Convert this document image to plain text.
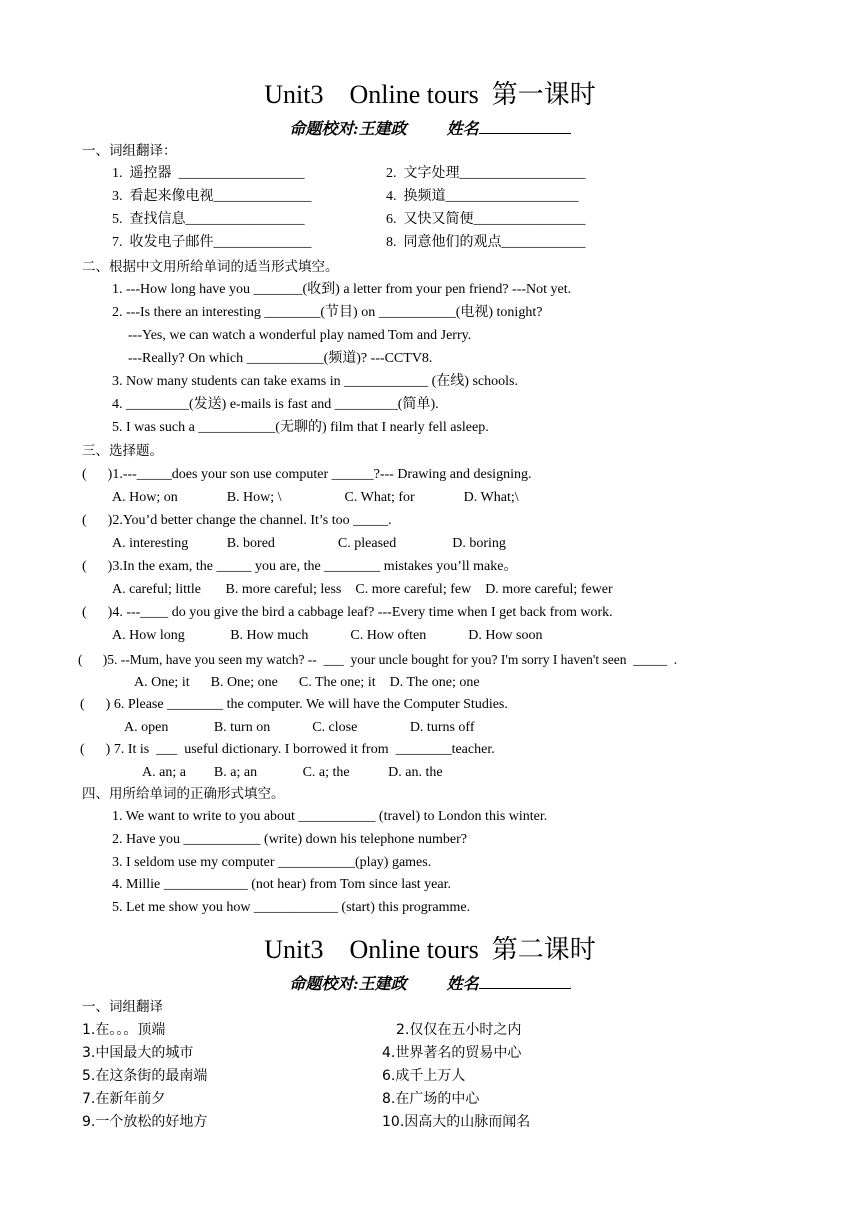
Unit3    Online tours  第一课时
命题校对:王建政	姓名
一、词组翻译：
1.  遥控器  __________________	2.  文字处理__________________
3.  看起来像电视______________	4.  换频道___________________
5.  查找信息_________________	6.  又快又简便________________
7.  收发电子邮件______________	8.  同意他们的观点____________
二、根据中文用所给单词的适当形式填空。
1. ---How long have you _______(收到) a letter from your pen friend? ---Not yet.
2. ---Is there an interesting ________(节目) on ___________(电视) tonight?
---Yes, we can watch a wonderful play named Tom and Jerry.
---Really? On which ___________(频道)? ---CCTV8.
3. Now many students can take exams in ____________ (在线) schools.
4. _________(发送) e-mails is fast and _________(简单).
5. I was such a ___________(无聊的) film that I nearly fell asleep.
三、选择题。
(      )1.---_____does your son use computer ______?--- Drawing and designing.
A. How; on              B. How; \                  C. What; for              D. What;\
(      )2.You’d better change the channel. It’s too _____.
A. interesting           B. bored                  C. pleased                D. boring
(      )3.In the exam, the _____ you are, the ________ mistakes you’ll make。
A. careful; little       B. more careful; less    C. more careful; few    D. more careful; fewer
(      )4. ---____ do you give the bird a cabbage leaf? ---Every time when I get back from work.
A. How long             B. How much            C. How often            D. How soon
(      )5. --Mum, have you seen my watch? --  ___  your uncle bought for you? I'm sorry I haven't seen  _____  .
A. One; it      B. One; one      C. The one; it    D. The one; one
(      ) 6. Please ________ the computer. We will have the Computer Studies.
A. open             B. turn on            C. close               D. turns off
(      ) 7. It is  ___  useful dictionary. I borrowed it from  ________teacher.
A. an; a        B. a; an             C. a; the           D. an. the
四、用所给单词的正确形式填空。
1. We want to write to you about ___________ (travel) to London this winter.
2. Have you ___________ (write) down his telephone number?
3. I seldom use my computer ___________(play) games.
4. Millie ____________ (not hear) from Tom since last year.
5. Let me show you how ____________ (start) this programme.
Unit3    Online tours  第二课时
命题校对:王建政	姓名
一、词组翻译
1.在。。。顶端	2.仅仅在五小时之内
3.中国最大的城市	4.世界著名的贸易中心
5.在这条街的最南端	6.成千上万人
7.在新年前夕	8.在广场的中心
9.一个放松的好地方	10.因高大的山脉而闻名
